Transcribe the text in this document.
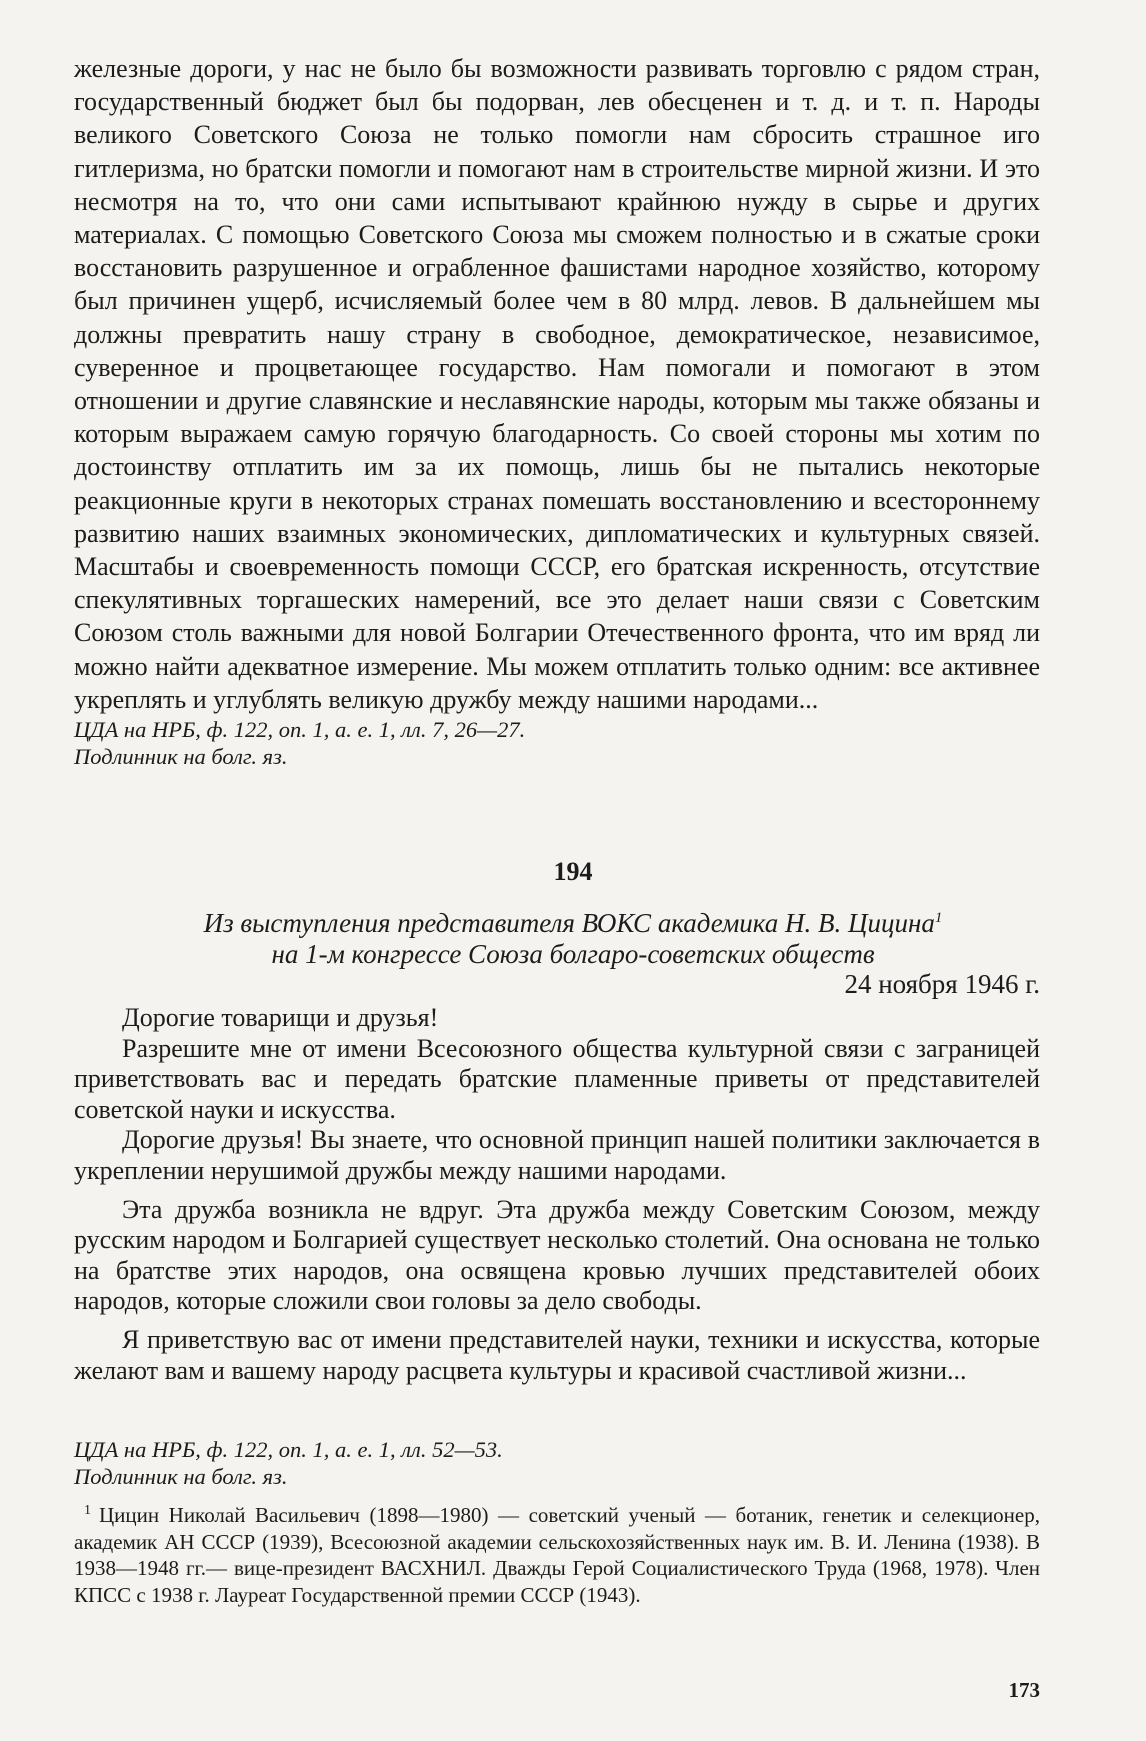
железные дороги, у нас не было бы возможности развивать торговлю с рядом стран, государственный бюджет был бы подорван, лев обесценен и т. д. и т. п. Народы великого Советского Союза не только помогли нам сбросить страшное иго гитлеризма, но братски помогли и помогают нам в строительстве мирной жизни. И это несмотря на то, что они сами испытывают крайнюю нужду в сырье и других материалах. С помощью Советского Союза мы сможем полностью и в сжатые сроки восстановить разрушенное и ограбленное фашистами народное хозяйство, которому был причинен ущерб, исчисляемый более чем в 80 млрд. левов. В дальнейшем мы должны превратить нашу страну в свободное, демократическое, независимое, суверенное и процветающее государство. Нам помогали и помогают в этом отношении и другие славянские и неславянские народы, которым мы также обязаны и которым выражаем самую горячую благодарность. Со своей стороны мы хотим по достоинству отплатить им за их помощь, лишь бы не пытались некоторые реакционные круги в некоторых странах помешать восстановлению и всестороннему развитию наших взаимных экономических, дипломатических и культурных связей. Масштабы и своевременность помощи СССР, его братская искренность, отсутствие спекулятивных торгашеских намерений, все это делает наши связи с Советским Союзом столь важными для новой Болгарии Отечественного фронта, что им вряд ли можно найти адекватное измерение. Мы можем отплатить только одним: все активнее укреплять и углублять великую дружбу между нашими народами...
ЦДА на НРБ, ф. 122, оп. 1, а. е. 1, лл. 7, 26—27.
Подлинник на болг. яз.
194
Из выступления представителя ВОКС академика Н. В. Цицина$^1$
на 1-м конгрессе Союза болгаро-советских обществ
24 ноября 1946 г.

Дорогие товарищи и друзья!

Разрешите мне от имени Всесоюзного общества культурной связи с заграницей приветствовать вас и передать братские пламенные приветы от представителей советской науки и искусства.

Дорогие друзья! Вы знаете, что основной принцип нашей политики заключается в укреплении нерушимой дружбы между нашими народами.

Эта дружба возникла не вдруг. Эта дружба между Советским Союзом, между русским народом и Болгарией существует несколько столетий. Она основана не только на братстве этих народов, она освящена кровью лучших представителей обоих народов, которые сложили свои головы за дело свободы.

Я приветствую вас от имени представителей науки, техники и искусства, которые желают вам и вашему народу расцвета культуры и красивой счастливой жизни...

ЦДА на НРБ, ф. 122, оп. 1, а. е. 1, лл. 52—53.
Подлинник на болг. яз.
$^1$ Цицин Николай Васильевич (1898—1980) — советский ученый — ботаник, генетик и селекционер, академик АН СССР (1939), Всесоюзной академии сельскохозяйственных наук им. В. И. Ленина (1938). В 1938—1948 гг.— вице-президент ВАСХНИЛ. Дважды Герой Социалистического Труда (1968, 1978). Член КПСС с 1938 г. Лауреат Государственной премии СССР (1943).
173
